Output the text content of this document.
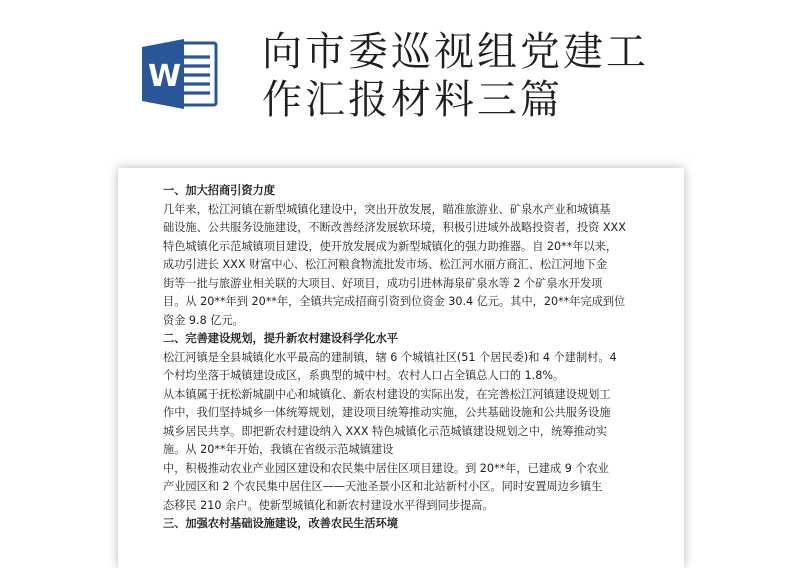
W
向市委巡视组党建工
作汇报材料三篇

一、加大招商引资力度

几年来，松江河镇在新型城镇化建设中，突出开放发展，瞄准旅游业、矿泉水产业和城镇基

础设施、公共服务设施建设，不断改善经济发展软环境，积极引进域外战略投资者，投资 XXX

特色城镇化示范城镇项目建设，使开放发展成为新型城镇化的强力助推器。自 20**年以来，

成功引进长 XXX 财富中心、松江河粮食物流批发市场、松江河水丽方商汇、松江河地下金

街等一批与旅游业相关联的大项目、好项目，成功引进林海泉矿泉水等 2 个矿泉水开发项

目。从 20**年到 20**年，全镇共完成招商引资到位资金 30.4 亿元。其中，20**年完成到位

资金 9.8 亿元。

二、完善建设规划，提升新农村建设科学化水平

松江河镇是全县城镇化水平最高的建制镇，辖 6 个城镇社区(51 个居民委)和 4 个建制村。4

个村均坐落于城镇建设成区，系典型的城中村。农村人口占全镇总人口的 1.8%。

从本镇属于抚松新城副中心和城镇化、新农村建设的实际出发，在完善松江河镇建设规划工

作中，我们坚持城乡一体统筹规划，建设项目统筹推动实施，公共基础设施和公共服务设施

城乡居民共享。即把新农村建设纳入 XXX 特色城镇化示范城镇建设规划之中，统筹推动实

施。从 20**年开始，我镇在省级示范城镇建设

中，积极推动农业产业园区建设和农民集中居住区项目建设。到 20**年，已建成 9 个农业

产业园区和 2 个农民集中居住区——天池圣景小区和北站新村小区。同时安置周边乡镇生

态移民 210 余户。使新型城镇化和新农村建设水平得到同步提高。

三、加强农村基础设施建设，改善农民生活环境
